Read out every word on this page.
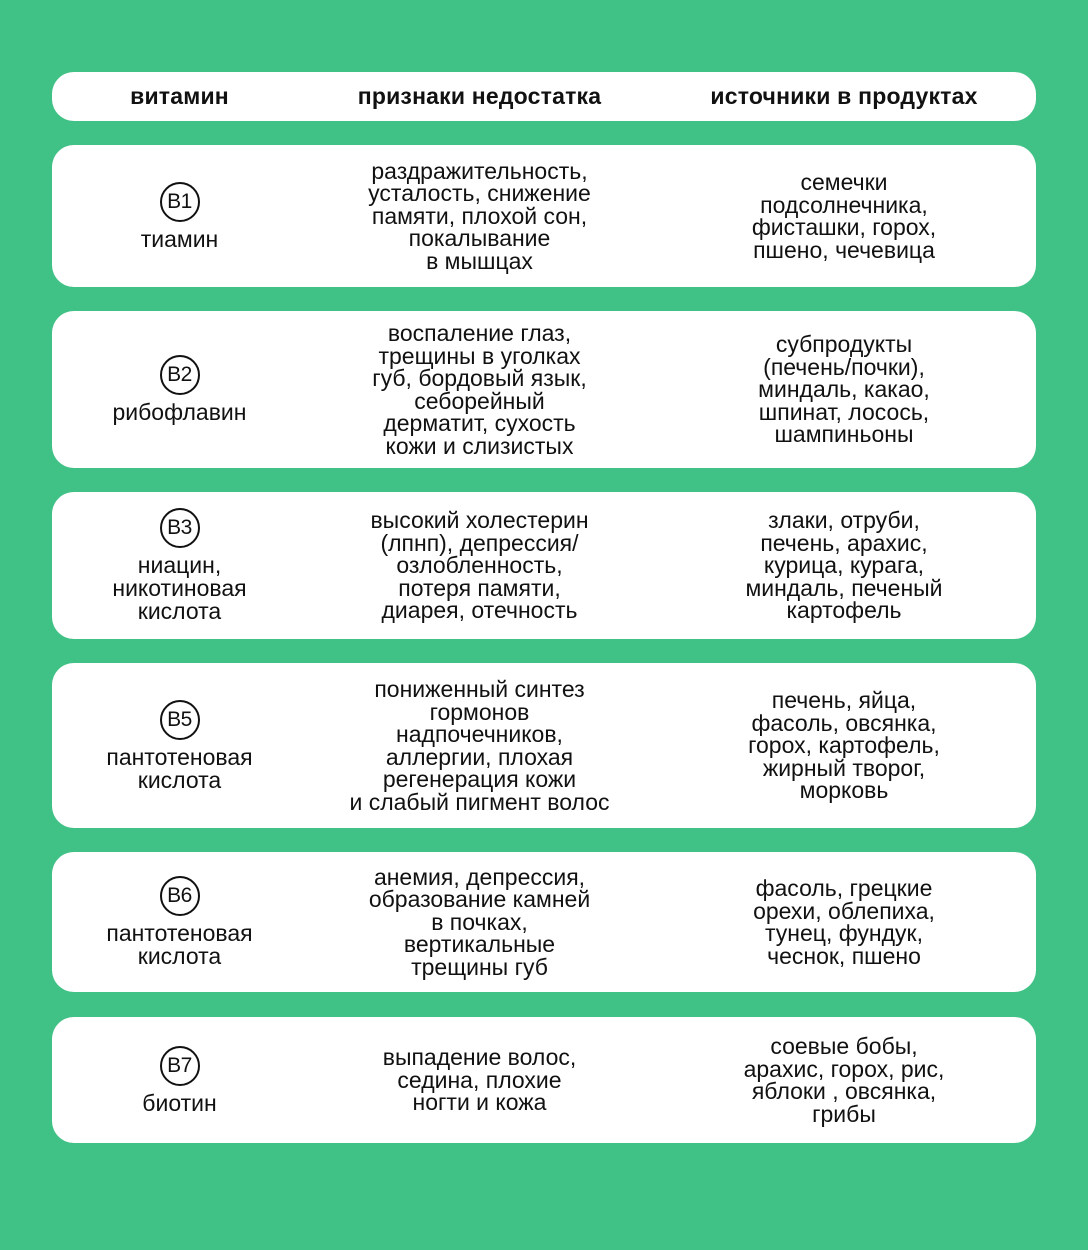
витамин	признаки недостатка	источники в продуктах
B1
тиамин
раздражительность,
усталость, снижение
памяти, плохой сон,
покалывание
в мышцах
семечки
подсолнечника,
фисташки, горох,
пшено, чечевица
B2
рибофлавин
воспаление глаз,
трещины в уголках
губ, бордовый язык,
себорейный
дерматит, сухость
кожи и слизистых
субпродукты
(печень/почки),
миндаль, какао,
шпинат, лосось,
шампиньоны
B3
ниацин,
никотиновая
кислота
высокий холестерин
(лпнп), депрессия/
озлобленность,
потеря памяти,
диарея, отечность
злаки, отруби,
печень, арахис,
курица, курага,
миндаль, печеный
картофель
B5
пантотеновая
кислота
пониженный синтез
гормонов
надпочечников,
аллергии, плохая
регенерация кожи
и слабый пигмент волос
печень, яйца,
фасоль, овсянка,
горох, картофель,
жирный творог,
морковь
B6
пантотеновая
кислота
анемия, депрессия,
образование камней
в почках,
вертикальные
трещины губ
фасоль, грецкие
орехи, облепиха,
тунец, фундук,
чеснок, пшено
B7
биотин
выпадение волос,
седина, плохие
ногти и кожа
соевые бобы,
арахис, горох, рис,
яблоки , овсянка,
грибы
